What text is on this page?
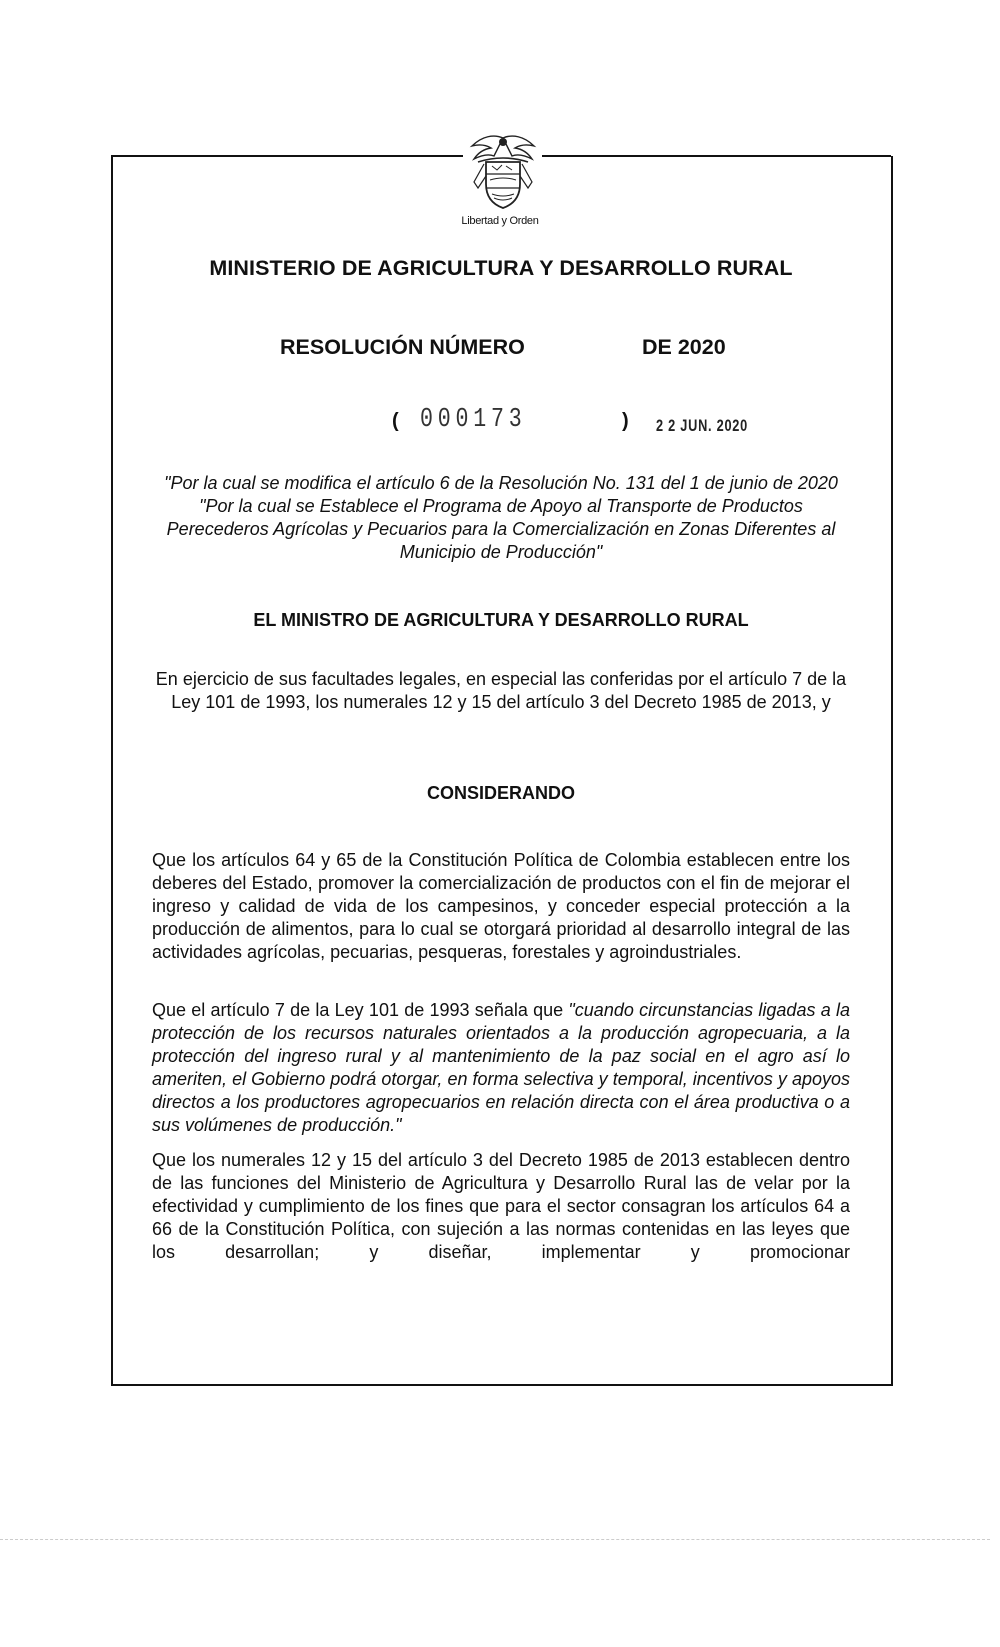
Libertad y Orden
MINISTERIO DE AGRICULTURA Y DESARROLLO RURAL
RESOLUCIÓN NÚMERO	DE 2020
( 000173	) 2 2 JUN. 2020
"Por la cual se modifica el artículo 6 de la Resolución No. 131 del 1 de junio de 2020 "Por la cual se Establece el Programa de Apoyo al Transporte de Productos Perecederos Agrícolas y Pecuarios para la Comercialización en Zonas Diferentes al Municipio de Producción"
EL MINISTRO DE AGRICULTURA Y DESARROLLO RURAL
En ejercicio de sus facultades legales, en especial las conferidas por el artículo 7 de la Ley 101 de 1993, los numerales 12 y 15 del artículo 3 del Decreto 1985 de 2013, y
CONSIDERANDO
Que los artículos 64 y 65 de la Constitución Política de Colombia establecen entre los deberes del Estado, promover la comercialización de productos con el fin de mejorar el ingreso y calidad de vida de los campesinos, y conceder especial protección a la producción de alimentos, para lo cual se otorgará prioridad al desarrollo integral de las actividades agrícolas, pecuarias, pesqueras, forestales y agroindustriales.
Que el artículo 7 de la Ley 101 de 1993 señala que "cuando circunstancias ligadas a la protección de los recursos naturales orientados a la producción agropecuaria, a la protección del ingreso rural y al mantenimiento de la paz social en el agro así lo ameriten, el Gobierno podrá otorgar, en forma selectiva y temporal, incentivos y apoyos directos a los productores agropecuarios en relación directa con el área productiva o a sus volúmenes de producción."
Que los numerales 12 y 15 del artículo 3 del Decreto 1985 de 2013 establecen dentro de las funciones del Ministerio de Agricultura y Desarrollo Rural las de velar por la efectividad y cumplimiento de los fines que para el sector consagran los artículos 64 a 66 de la Constitución Política, con sujeción a las normas contenidas en las leyes que los desarrollan; y diseñar, implementar y promocionar
